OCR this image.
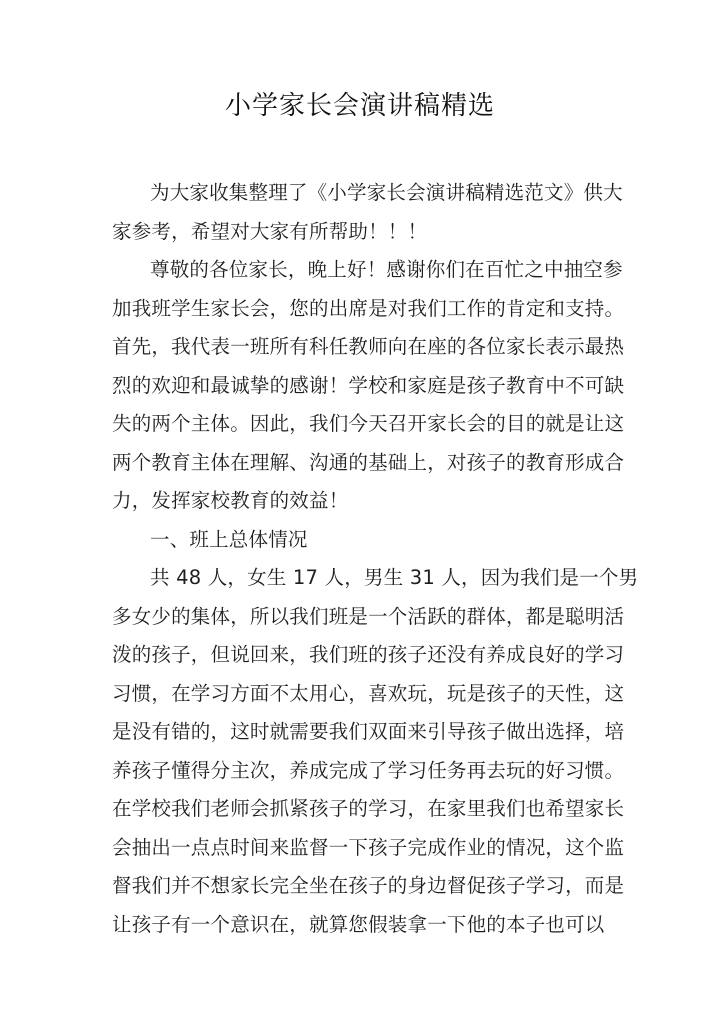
小学家长会演讲稿精选
为大家收集整理了《小学家长会演讲稿精选范文》供大
家参考，希望对大家有所帮助！！！
尊敬的各位家长，晚上好！感谢你们在百忙之中抽空参
加我班学生家长会，您的出席是对我们工作的肯定和支持。
首先，我代表一班所有科任教师向在座的各位家长表示最热
烈的欢迎和最诚挚的感谢！学校和家庭是孩子教育中不可缺
失的两个主体。因此，我们今天召开家长会的目的就是让这
两个教育主体在理解、沟通的基础上，对孩子的教育形成合
力，发挥家校教育的效益！
一、班上总体情况
共 48 人，女生 17 人，男生 31 人，因为我们是一个男
多女少的集体，所以我们班是一个活跃的群体，都是聪明活
泼的孩子，但说回来，我们班的孩子还没有养成良好的学习
习惯，在学习方面不太用心，喜欢玩，玩是孩子的天性，这
是没有错的，这时就需要我们双面来引导孩子做出选择，培
养孩子懂得分主次，养成完成了学习任务再去玩的好习惯。
在学校我们老师会抓紧孩子的学习，在家里我们也希望家长
会抽出一点点时间来监督一下孩子完成作业的情况，这个监
督我们并不想家长完全坐在孩子的身边督促孩子学习，而是
让孩子有一个意识在，就算您假装拿一下他的本子也可以
